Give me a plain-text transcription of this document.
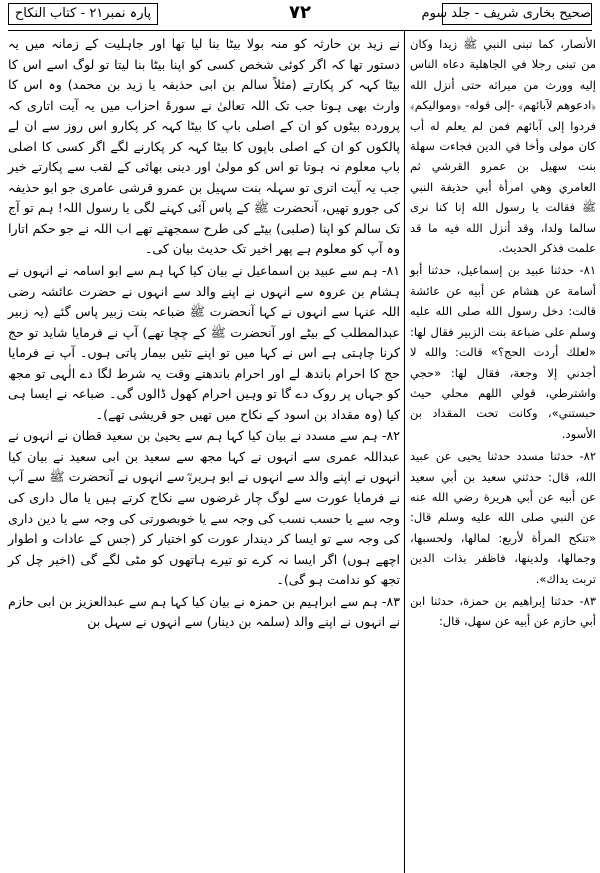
پارہ نمبر۲۱ - کتاب النکاح	۷۲	صحیح بخاری شریف - جلد سوم

الأنصار، كما تبنى النبي ﷺ زيدا وكان من تبنى رجلا في الجاهلية دعاه الناس إليه وورث من ميراثه حتى أنزل الله ﴿ادعوهم لآبائهم﴾ -إلى قوله- ﴿ومواليكم﴾ فردوا إلى آبائهم فمن لم يعلم له أب كان مولى وأخا في الدين فجاءت سهلة بنت سهيل بن عمرو القرشي ثم العامري وهي امرأة أبي حذيفة النبي ﷺ فقالت يا رسول الله إنا كنا نرى سالما ولدا، وقد أنزل الله فيه ما قد علمت فذكر الحديث.

٨١- حدثنا عبيد بن إسماعيل، حدثنا أبو أسامة عن هشام عن أبيه عن عائشة قالت: دخل رسول الله صلى الله عليه وسلم على ضباعة بنت الزبير فقال لها: «لعلك أردت الحج؟» قالت: والله لا أجدني إلا وجعة، فقال لها: «حجي واشترطي، قولي اللهم محلي حيث حبستني»، وكانت تحت المقداد بن الأسود.

٨٢- حدثنا مسدد حدثنا يحيى عن عبيد الله، قال: حدثني سعيد بن أبي سعيد عن أبيه عن أبي هريرة رضي الله عنه عن النبي صلى الله عليه وسلم قال: «تنكح المرأة لأربع: لمالها، ولحسبها، وجمالها، ولدينها، فاظفر بذات الدين تربت يداك».

٨٣- حدثنا إبراهيم بن حمزة، حدثنا ابن أبي حازم عن أبيه عن سهل، قال:

نے زید بن حارثہ کو منہ بولا بیٹا بنا لیا تھا اور جاہلیت کے زمانہ میں یہ دستور تھا کہ اگر کوئی شخص کسی کو اپنا بیٹا بنا لیتا تو لوگ اسے اس کا بیٹا کہہ کر پکارتے (مثلاً سالم بن ابی حذیفہ یا زید بن محمد) وہ اس کا وارث بھی ہوتا جب تک اللہ تعالیٰ نے سورۂ احزاب میں یہ آیت اتاری کہ پرورده بیٹوں کو ان کے اصلی باپ کا بیٹا کہہ کر پکارو اس روز سے ان لے پالکوں کو ان کے اصلی باپوں کا بیٹا کہہ کر پکارنے لگے اگر کسی کا اصلی باپ معلوم نہ ہوتا تو اس کو مولیٰ اور دینی بھائی کے لقب سے پکارتے خیر جب یہ آیت اتری تو سہلہ بنت سہیل بن عمرو قرشی عامری جو ابو حذیفہ کی جورو تھیں، آنحضرت ﷺ کے پاس آئی کہنے لگی یا رسول اللہ! ہم تو آج تک سالم کو اپنا (صلبی) بیٹے کی طرح سمجھتے تھے اب اللہ نے جو حکم اتارا وہ آپ کو معلوم ہے پھر اخیر تک حدیث بیان کی۔

٨١- ہم سے عبید بن اسماعیل نے بیان کیا کہا ہم سے ابو اسامہ نے انہوں نے ہشام بن عروہ سے انہوں نے اپنے والد سے انہوں نے حضرت عائشہ رضی اللہ عنہا سے انہوں نے کہا آنحضرت ﷺ ضباعہ بنت زبیر پاس گئے (یہ زبیر عبدالمطلب کے بیٹے اور آنحضرت ﷺ کے چچا تھے) آپ نے فرمایا شاید تو حج کرنا چاہتی ہے اس نے کہا میں تو اپنے تئیں بیمار پاتی ہوں۔ آپ نے فرمایا حج کا احرام باندھ لے اور احرام باندھتے وقت یہ شرط لگا دے الٰہی تو مجھ کو جہاں پر روک دے گا تو وہیں احرام کھول ڈالوں گی۔ ضباعہ نے ایسا ہی کیا (وہ مقداد بن اسود کے نکاح میں تھیں جو قریشی تھے)۔

٨٢- ہم سے مسدد نے بیان کیا کہا ہم سے یحییٰ بن سعید قطان نے انہوں نے عبداللہ عمری سے انہوں نے کہا مجھ سے سعید بن ابی سعید نے بیان کیا انہوں نے اپنے والد سے انہوں نے ابو ہریرہؓ سے انہوں نے آنحضرت ﷺ سے آپ نے فرمایا عورت سے لوگ چار غرضوں سے نکاح کرتے ہیں یا مال داری کی وجہ سے یا حسب نسب کی وجہ سے یا خوبصورتی کی وجہ سے یا دین داری کی وجہ سے تو ایسا کر دیندار عورت کو اختیار کر (جس کے عادات و اطوار اچھے ہوں) اگر ایسا نہ کرے تو تیرے ہاتھوں کو مٹی لگے گی (اخیر چل کر تجھ کو ندامت ہو گی)۔

٨٣- ہم سے ابراہیم بن حمزہ نے بیان کیا کہا ہم سے عبدالعزیز بن ابی حازم نے انہوں نے اپنے والد (سلمہ بن دینار) سے انہوں نے سہل بن
